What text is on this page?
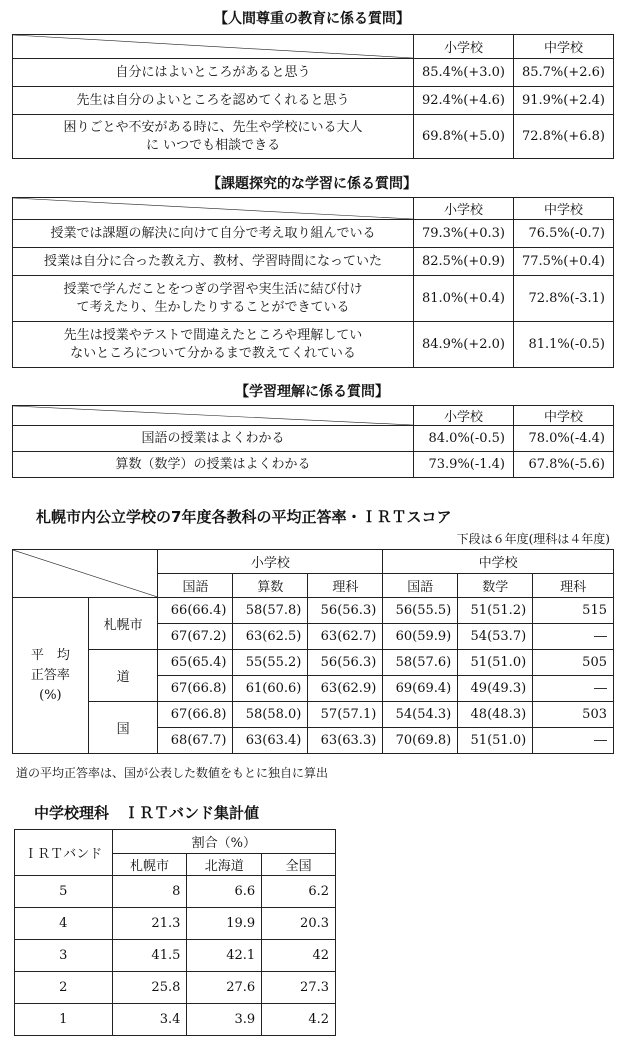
【人間尊重の教育に係る質問】
	小学校	中学校
自分にはよいところがあると思う	85.4%(+3.0)	85.7%(+2.6)
先生は自分のよいところを認めてくれると思う	92.4%(+4.6)	91.9%(+2.4)

困りごとや不安がある時に、先生や学校にいる大人
に いつでも相談できる	69.8%(+5.0)	72.8%(+6.8)
【課題探究的な学習に係る質問】
	小学校	中学校
授業では課題の解決に向けて自分で考え取り組んでいる	79.3%(+0.3)	76.5%(-0.7)
授業は自分に合った教え方、教材、学習時間になっていた	82.5%(+0.9)	77.5%(+0.4)

授業で学んだことをつぎの学習や実生活に結び付け
て考えたり、生かしたりすることができている	81.0%(+0.4)	72.8%(-3.1)

先生は授業やテストで間違えたところや理解してい
ないところについて分かるまで教えてくれている	84.9%(+2.0)	81.1%(-0.5)
【学習理解に係る質問】
	小学校	中学校
国語の授業はよくわかる	84.0%(-0.5)	78.0%(-4.4)
算数（数学）の授業はよくわかる	73.9%(-1.4)	67.8%(-5.6)
札幌市内公立学校の7年度各教科の平均正答率・ＩＲＴスコア
下段は６年度(理科は４年度)
	小学校			中学校		
		国語	算数	理科	国語	数学	理科

平　均
正答率
(%)	札幌市	66(66.4)	58(57.8)	56(56.3)	56(55.5)	51(51.2)	515
		67(67.2)	63(62.5)	63(62.7)	60(59.9)	54(53.7)	―
	道	65(65.4)	55(55.2)	56(56.3)	58(57.6)	51(51.0)	505
		67(66.8)	61(60.6)	63(62.9)	69(69.4)	49(49.3)	―
	国	67(66.8)	58(58.0)	57(57.1)	54(54.3)	48(48.3)	503
		68(67.7)	63(63.4)	63(63.3)	70(69.8)	51(51.0)	―
道の平均正答率は、国が公表した数値をもとに独自に算出
中学校理科　ＩＲＴバンド集計値
ＩＲＴバンド	割合（%）		
	札幌市	北海道	全国
5	8	6.6	6.2
4	21.3	19.9	20.3
3	41.5	42.1	42
2	25.8	27.6	27.3
1	3.4	3.9	4.2
